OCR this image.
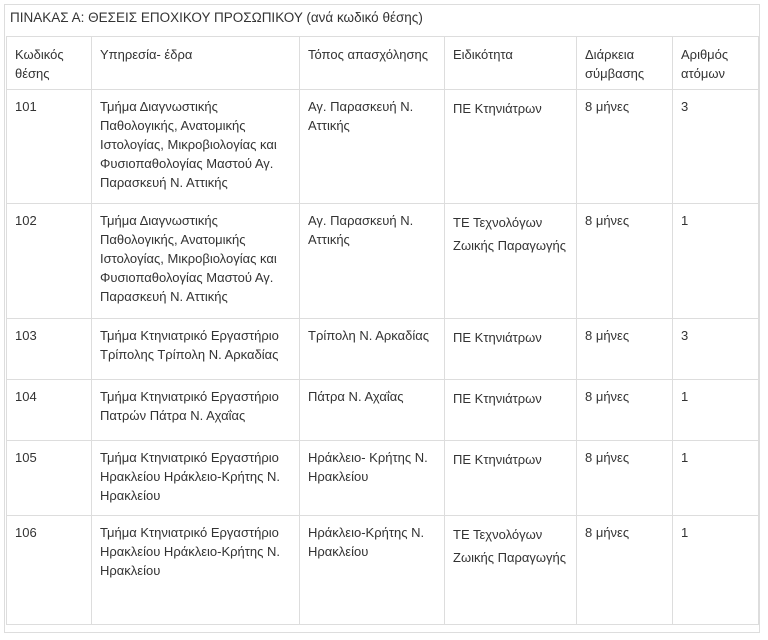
ΠΙΝΑΚΑΣ Α: ΘΕΣΕΙΣ ΕΠΟΧΙΚΟΥ ΠΡΟΣΩΠΙΚΟΥ (ανά κωδικό θέσης)
Κωδικός θέσης	Υπηρεσία- έδρα	Τόπος απασχόλησης	Ειδικότητα	Διάρκεια σύμβασης	Αριθμός ατόμων
101	Τμήμα Διαγνωστικής Παθολογικής, Ανατομικής Ιστολογίας, Μικροβιολογίας και Φυσιοπαθολογίας Μαστού Αγ. Παρασκευή Ν. Αττικής	Αγ. Παρασκευή Ν. Αττικής	ΠΕ Κτηνιάτρων	8 μήνες	3
102	Τμήμα Διαγνωστικής Παθολογικής, Ανατομικής Ιστολογίας, Μικροβιολογίας και Φυσιοπαθολογίας Μαστού Αγ. Παρασκευή Ν. Αττικής	Αγ. Παρασκευή Ν. Αττικής	ΤΕ Τεχνολόγων Ζωικής Παραγωγής	8 μήνες	1
103	Τμήμα Κτηνιατρικό Εργαστήριο Τρίπολης Τρίπολη Ν. Αρκαδίας	Τρίπολη Ν. Αρκαδίας	ΠΕ Κτηνιάτρων	8 μήνες	3
104	Τμήμα Κτηνιατρικό Εργαστήριο Πατρών Πάτρα Ν. Αχαΐας	Πάτρα Ν. Αχαΐας	ΠΕ Κτηνιάτρων	8 μήνες	1
105	Τμήμα Κτηνιατρικό Εργαστήριο Ηρακλείου Ηράκλειο-Κρήτης Ν. Ηρακλείου	Ηράκλειο- Κρήτης Ν. Ηρακλείου	ΠΕ Κτηνιάτρων	8 μήνες	1
106	Τμήμα Κτηνιατρικό Εργαστήριο Ηρακλείου Ηράκλειο-Κρήτης Ν. Ηρακλείου	Ηράκλειο-Κρήτης Ν. Ηρακλείου	ΤΕ Τεχνολόγων Ζωικής Παραγωγής	8 μήνες	1
